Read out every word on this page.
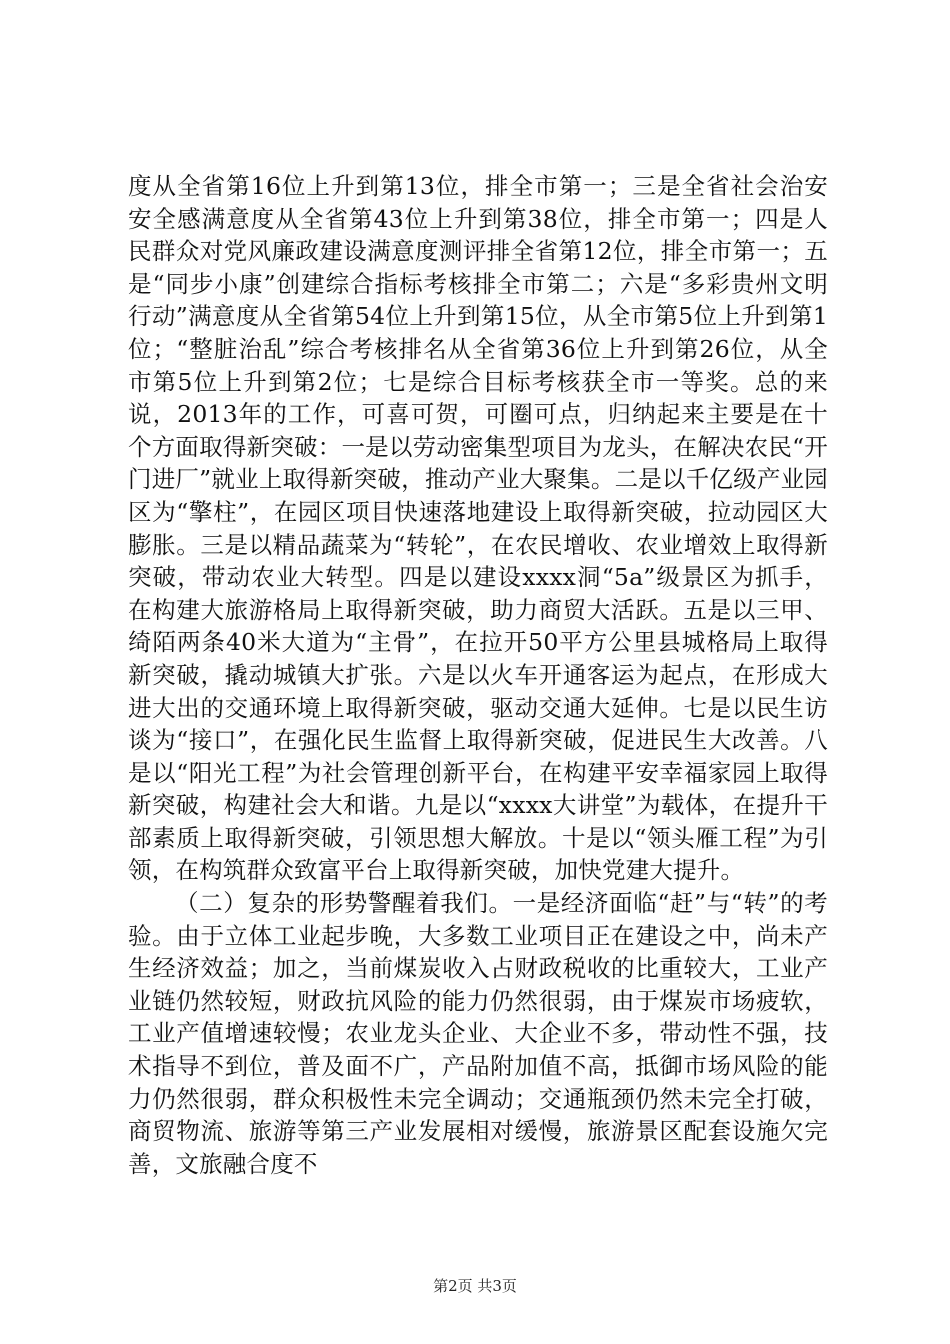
度从全省第16位上升到第13位，排全市第一；三是全省社会治安安全感满意度从全省第43位上升到第38位，排全市第一；四是人民群众对党风廉政建设满意度测评排全省第12位，排全市第一；五是“同步小康”创建综合指标考核排全市第二；六是“多彩贵州文明行动”满意度从全省第54位上升到第15位，从全市第5位上升到第1位；“整脏治乱”综合考核排名从全省第36位上升到第26位，从全市第5位上升到第2位；七是综合目标考核获全市一等奖。总的来说，2013年的工作，可喜可贺，可圈可点，归纳起来主要是在十个方面取得新突破：一是以劳动密集型项目为龙头，在解决农民“开门进厂”就业上取得新突破，推动产业大聚集。二是以千亿级产业园区为“擎柱”，在园区项目快速落地建设上取得新突破，拉动园区大膨胀。三是以精品蔬菜为“转轮”，在农民增收、农业增效上取得新突破，带动农业大转型。四是以建设xxxx洞“5a”级景区为抓手，在构建大旅游格局上取得新突破，助力商贸大活跃。五是以三甲、绮陌两条40米大道为“主骨”，在拉开50平方公里县城格局上取得新突破，撬动城镇大扩张。六是以火车开通客运为起点，在形成大进大出的交通环境上取得新突破，驱动交通大延伸。七是以民生访谈为“接口”，在强化民生监督上取得新突破，促进民生大改善。八是以“阳光工程”为社会管理创新平台，在构建平安幸福家园上取得新突破，构建社会大和谐。九是以“xxxx大讲堂”为载体，在提升干部素质上取得新突破，引领思想大解放。十是以“领头雁工程”为引领，在构筑群众致富平台上取得新突破，加快党建大提升。

（二）复杂的形势警醒着我们。一是经济面临“赶”与“转”的考验。由于立体工业起步晚，大多数工业项目正在建设之中，尚未产生经济效益；加之，当前煤炭收入占财政税收的比重较大，工业产业链仍然较短，财政抗风险的能力仍然很弱，由于煤炭市场疲软，工业产值增速较慢；农业龙头企业、大企业不多，带动性不强，技术指导不到位，普及面不广，产品附加值不高，抵御市场风险的能力仍然很弱，群众积极性未完全调动；交通瓶颈仍然未完全打破，商贸物流、旅游等第三产业发展相对缓慢，旅游景区配套设施欠完善，文旅融合度不

第2页 共3页
